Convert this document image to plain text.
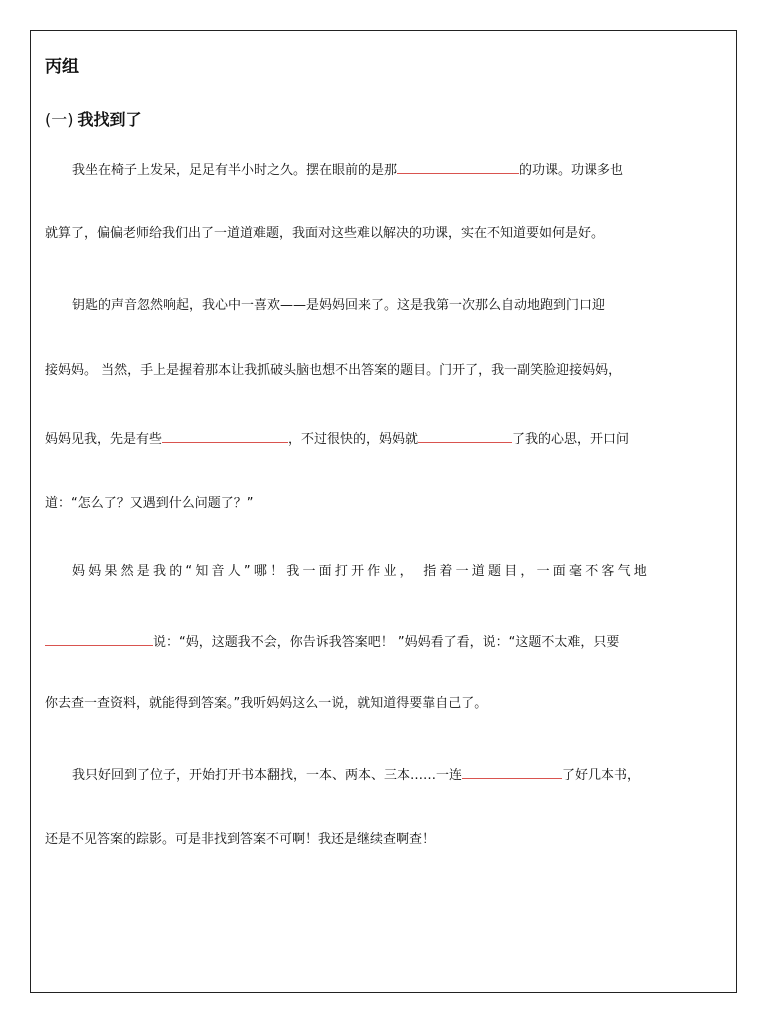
丙组
(一) 我找到了
我坐在椅子上发呆，足足有半小时之久。摆在眼前的是那	的功课。功课多也
就算了，偏偏老师给我们出了一道道难题，我面对这些难以解决的功课，实在不知道要如何是好。
钥匙的声音忽然响起，我心中一喜欢——是妈妈回来了。这是我第一次那么自动地跑到门口迎
接妈妈。 当然，手上是握着那本让我抓破头脑也想不出答案的题目。门开了，我一副笑脸迎接妈妈，
妈妈见我，先是有些	，不过很快的，妈妈就	了我的心思，开口问
道：“怎么了？又遇到什么问题了？”
妈妈果然是我的“知音人”哪！我一面打开作业， 指着一道题目，一面毫不客气地
说：“妈，这题我不会，你告诉我答案吧！ ”妈妈看了看，说：“这题不太难，只要
你去查一查资料，就能得到答案。”我听妈妈这么一说，就知道得要靠自己了。
我只好回到了位子，开始打开书本翻找，一本、两本、三本……一连	了好几本书，
还是不见答案的踪影。可是非找到答案不可啊！我还是继续查啊查！
